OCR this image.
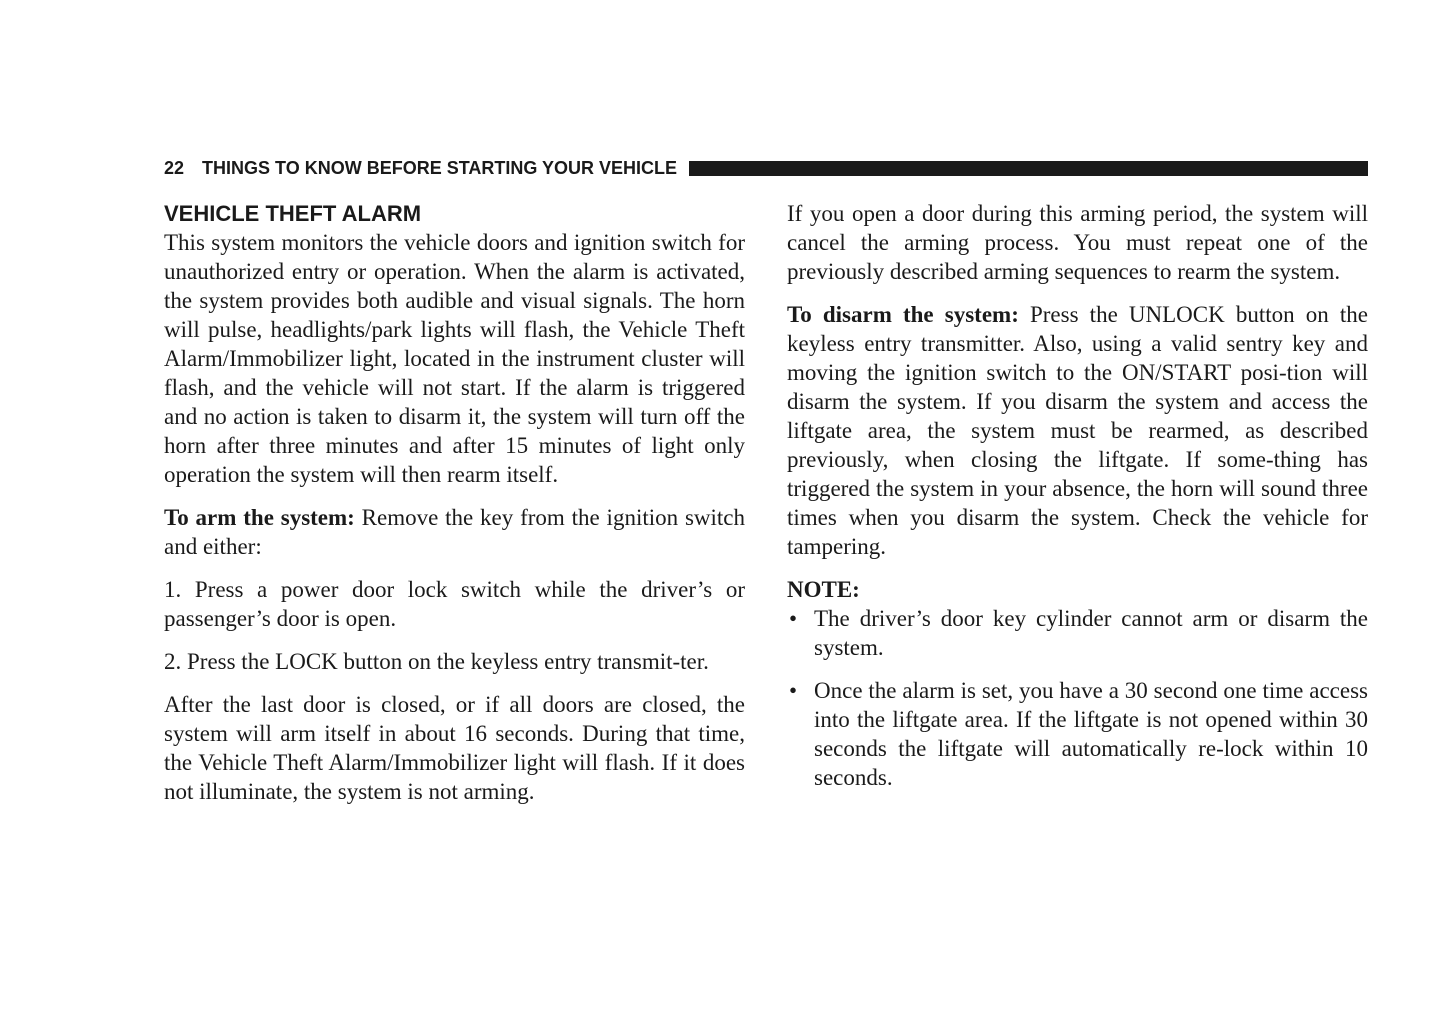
22 THINGS TO KNOW BEFORE STARTING YOUR VEHICLE
VEHICLE THEFT ALARM

This system monitors the vehicle doors and ignition switch for unauthorized entry or operation. When the alarm is activated, the system provides both audible and visual signals. The horn will pulse, headlights/park lights will flash, the Vehicle Theft Alarm/Immobilizer light, located in the instrument cluster will flash, and the vehicle will not start. If the alarm is triggered and no action is taken to disarm it, the system will turn off the horn after three minutes and after 15 minutes of light only operation the system will then rearm itself.

To arm the system: Remove the key from the ignition switch and either:

1. Press a power door lock switch while the driver’s or passenger’s door is open.

2. Press the LOCK button on the keyless entry transmit-ter.

After the last door is closed, or if all doors are closed, the system will arm itself in about 16 seconds. During that time, the Vehicle Theft Alarm/Immobilizer light will flash. If it does not illuminate, the system is not arming.

If you open a door during this arming period, the system will cancel the arming process. You must repeat one of the previously described arming sequences to rearm the system.

To disarm the system: Press the UNLOCK button on the keyless entry transmitter. Also, using a valid sentry key and moving the ignition switch to the ON/START posi-tion will disarm the system. If you disarm the system and access the liftgate area, the system must be rearmed, as described previously, when closing the liftgate. If some-thing has triggered the system in your absence, the horn will sound three times when you disarm the system. Check the vehicle for tampering.

NOTE:

• The driver’s door key cylinder cannot arm or disarm the system.
• Once the alarm is set, you have a 30 second one time access into the liftgate area. If the liftgate is not opened within 30 seconds the liftgate will automatically re-lock within 10 seconds.
